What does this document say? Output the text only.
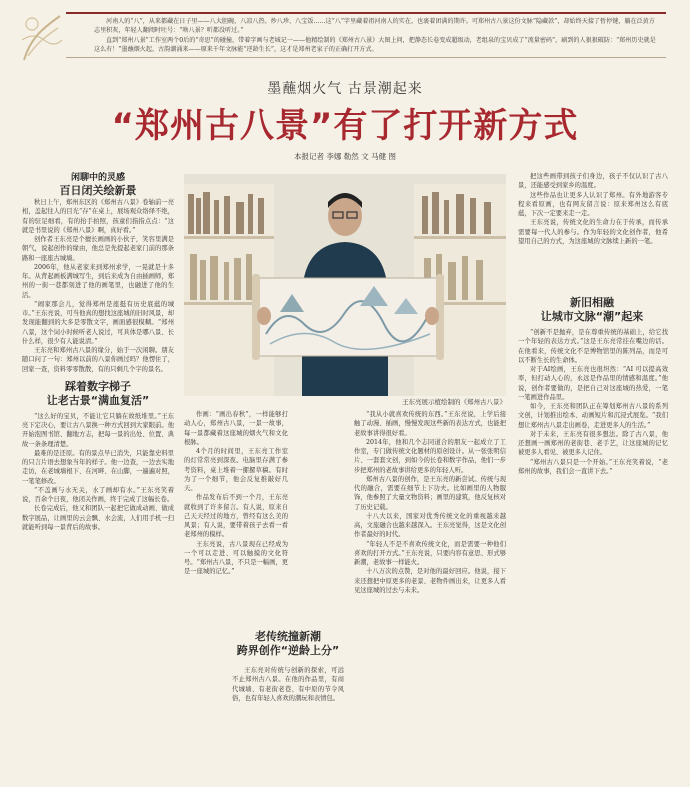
河南人的“八”，从来都藏在日子里——八大胆碗、八凉八热、炒八珍、八宝饭……这“八”字里藏着祖河南人的实在，也裹着团满的期许。可郑州古八景这份文脉“隐藏款”，却始终天接了暂停键，躺在泛黄方志里积灰，年轻人翻阅时吐号：“啥八景？听都没听过。”

直到“郑州八景”工作室两个0后的“奇思”的碰撞，带着字画与老城记一——他精绘制的《郑州古八景》大图上问，把静态长卷变成超级动，老组泉的宝贝成了“流量密码”，刷到的人狠狠破防：“郑州历史就是这么有！”墨蘸烟火起，古韵潮涌来——原来千年文脉能“逆龄生长”，这才是郑州老家子的正确打开方式。

墨蘸烟火气 古景潮起来
“郑州古八景”有了打开新方式
本报记者 李娜 勒然 文 马健 图
闲聊中的灵感
百日闭关绘新景

秋日上午，郑州东区的《郑州古八景》卷轴前一亮相，盖起往人的目光“存”在桌上，展场观众络绎不绝，有的驻足细看，有的抬手拍照，孩童们指指点点：“这就是书里说的《郑州八景》啊，真好看。”

创作者王东亮是个擅长画画的小伙子，笑容里满是朝气，说起创作的缘由，他总是先提起老家门前的那条路和一座座古城墙。

2006年，他从老家来到郑州求学，一晃就是十多年。从背起画板满城写生，到后来成为自由插画师，郑州的一街一巷都刻进了他的画笔里，也融进了他的生活。

“闹家那会儿，觉得郑州是座挺有历史底蕴的城市。”王东亮说，可当他真的想找这座城的旧时风景，却发现能翻到的大多是零散文字，画面感很模糊。“郑州八景，这个词小时候听老人说过，可具体是哪八景、长什么样，很少有人能说清。”

王东亮和郑州古八景的缘分，始于一次闲聊。朋友随口问了一句：郑州以前的八景你画过吗？他愣住了，回家一查，资料零零散散，有的只剩几个字的景名。

踩着数字梯子
让老古景“满血复活”

“这么好的宝贝，不能让它只躺在故纸堆里。”王东亮下定决心，要让古八景换一种方式回到大家眼前。他开始泡图书馆、翻地方志，把每一景的出处、位置、典故一条条理清楚。

最难的是还原。有的景点早已消失，只能靠史料里的只言片语去想象当年的样子。他一边查，一边去实地走访，在老城墙根下、在河畔、在山脚，一遍遍对照，一笔笔修改。

“不盖画与水无关，水了画却有水。”王东亮笑着说，百余个日夜，他闭关作画，终于完成了这幅长卷。

长卷完成后，他又和团队一起把它做成动画、做成数字展品，让画里的云会飘、水会流，人们用手机一扫就能听到每一景背后的故事。

王东亮展示植绘制的《郑州古八景》

作画：“画出春秋”，一样能够打动人心，郑州古八景，一景一故事，每一景都藏着这座城的烟火气和文化根脉。

4个月的时间里，王东亮工作室的灯常常亮到深夜。电脑里存满了参考资料，桌上堆着一摞摞草稿。有时为了一个细节，他会反复推敲好几天。

作品发布后不到一个月，王东亮就收到了许多留言。有人说，原来自己天天经过的地方，曾经有这么美的风景；有人说，要带着孩子去看一看老郑州的模样。

王东亮说，古八景现在已经成为一个可以走进、可以触摸的文化符号。“郑州古八景，不只是一幅画，更是一座城的记忆。”

老传统撞新潮
跨界创作“逆龄上分”

王东亮对传统与创新的探索，可远不止郑州古八景。在他的作品里，有商代城墙、有老街老巷、有中原的节令风俗，也有年轻人喜欢的潮玩和表情包。

“我从小就喜欢传统的东西。”王东亮说，上学后接触了动漫、插画，慢慢发现这些新的表达方式，也能把老故事讲得很好看。

2014年，他和几个志同道合的朋友一起成立了工作室，专门做传统文化题材的原创设计。从一张张明信片、一套套文创，到如今的长卷和数字作品，他们一步步把郑州的老故事讲给更多的年轻人听。

郑州古八景的创作，是王东亮的新尝试。传统与现代的融合，需要在细节上下功夫。比如画里的人物服饰，他参照了大量文物资料；画里的建筑，他反复核对了历史记载。

十八大以来，国家对优秀传统文化的重视越来越高，文旅融合也越来越深入。王东亮觉得，这是文化创作者最好的时代。

“年轻人不是不喜欢传统文化，而是需要一种他们喜欢的打开方式。”王东亮说，只要内容有意思、形式够新潮，老故事一样能火。

十八万次的点赞，是对他的最好回应。他说，接下来还想把中原更多的老景、老物件画出来，让更多人看见这座城的过去与未来。

把这些画带到孩子们身边，孩子不仅认识了古八景，还能感受到家乡的温度。

这些作品也让更多人认识了郑州。有外地游客专程来看原画，也有网友留言说：原来郑州这么有底蕴，下次一定要来走一走。

王东亮说，传统文化的生命力在于传承，而传承需要每一代人的参与。作为年轻的文化创作者，他希望用自己的方式，为这座城的文脉续上新的一笔。

新旧相融
让城市文脉“潮”起来

“创新不是抛弃，是在尊重传统的基础上，给它找一个年轻的表达方式。”这是王东亮常挂在嘴边的话。在他看来，传统文化不是博物馆里的陈列品，而是可以不断生长的生命体。

对于AI绘画，王东亮也很坦然：“AI 可以提高效率，但打动人心的，永远是作品里的情感和温度。”他说，创作者要做的，是把自己对这座城的热爱，一笔一笔画进作品里。

如今，王东亮和团队正在筹划郑州古八景的系列文创，计划推出绘本、动画短片和沉浸式展览。“我们想让郑州古八景走出画卷，走进更多人的生活。”

对于未来，王东亮有很多想法。除了古八景，他还想画一画郑州的老街巷、老手艺，让这座城的记忆被更多人看见、被更多人记住。

“郑州古八景只是一个开始。”王东亮笑着说，“老郑州的故事，我们会一直讲下去。”
